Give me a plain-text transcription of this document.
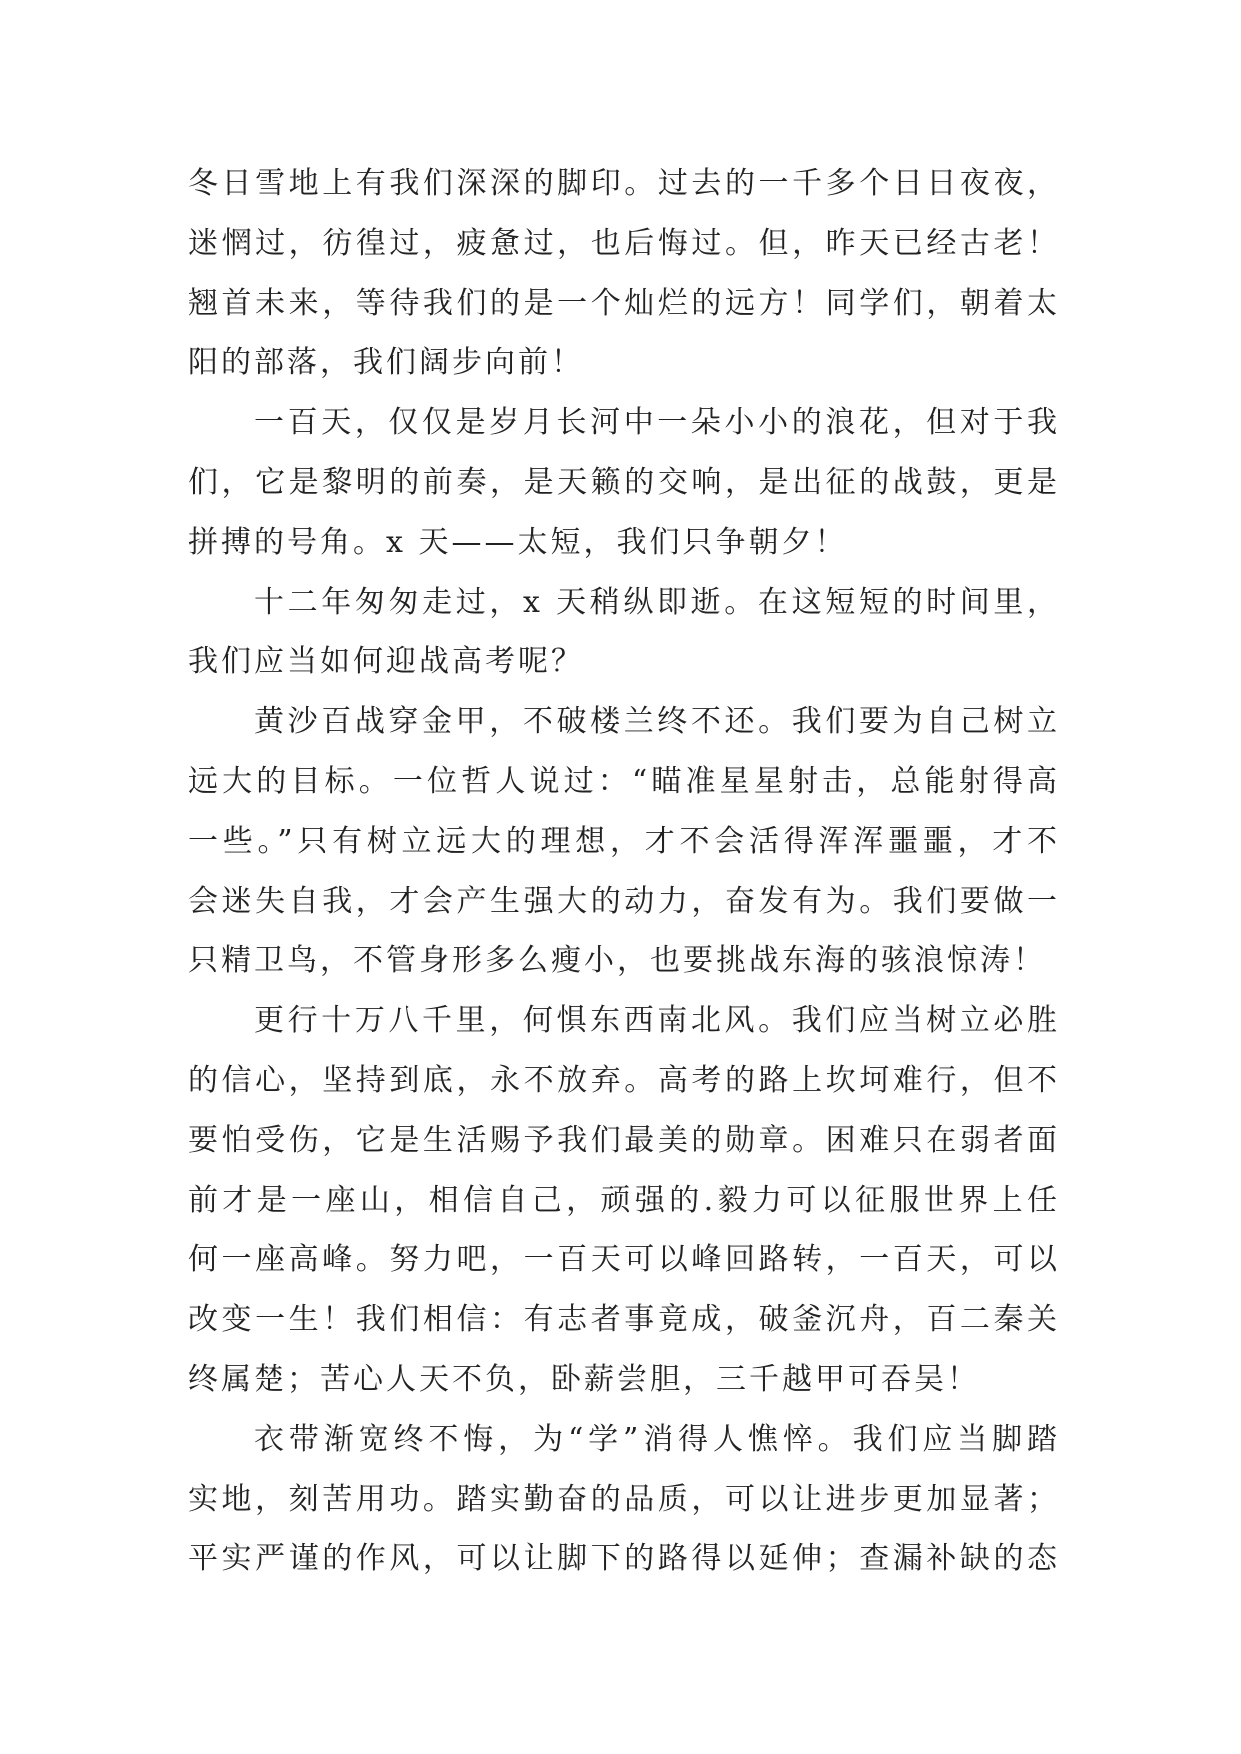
冬日雪地上有我们深深的脚印。过去的一千多个日日夜夜，
迷惘过，彷徨过，疲惫过，也后悔过。但，昨天已经古老！
翘首未来，等待我们的是一个灿烂的远方！同学们，朝着太
阳的部落，我们阔步向前！
一百天，仅仅是岁月长河中一朵小小的浪花，但对于我
们，它是黎明的前奏，是天籁的交响，是出征的战鼓，更是
拼搏的号角。x 天——太短，我们只争朝夕！
十二年匆匆走过，x 天稍纵即逝。在这短短的时间里，
我们应当如何迎战高考呢？
黄沙百战穿金甲，不破楼兰终不还。我们要为自己树立
远大的目标。一位哲人说过：“瞄准星星射击，总能射得高
一些。”只有树立远大的理想，才不会活得浑浑噩噩，才不
会迷失自我，才会产生强大的动力，奋发有为。我们要做一
只精卫鸟，不管身形多么瘦小，也要挑战东海的骇浪惊涛！
更行十万八千里，何惧东西南北风。我们应当树立必胜
的信心，坚持到底，永不放弃。高考的路上坎坷难行，但不
要怕受伤，它是生活赐予我们最美的勋章。困难只在弱者面
前才是一座山，相信自己，顽强的.毅力可以征服世界上任
何一座高峰。努力吧，一百天可以峰回路转，一百天，可以
改变一生！我们相信：有志者事竟成，破釜沉舟，百二秦关
终属楚；苦心人天不负，卧薪尝胆，三千越甲可吞吴！
衣带渐宽终不悔，为“学”消得人憔悴。我们应当脚踏
实地，刻苦用功。踏实勤奋的品质，可以让进步更加显著；
平实严谨的作风，可以让脚下的路得以延伸；查漏补缺的态
